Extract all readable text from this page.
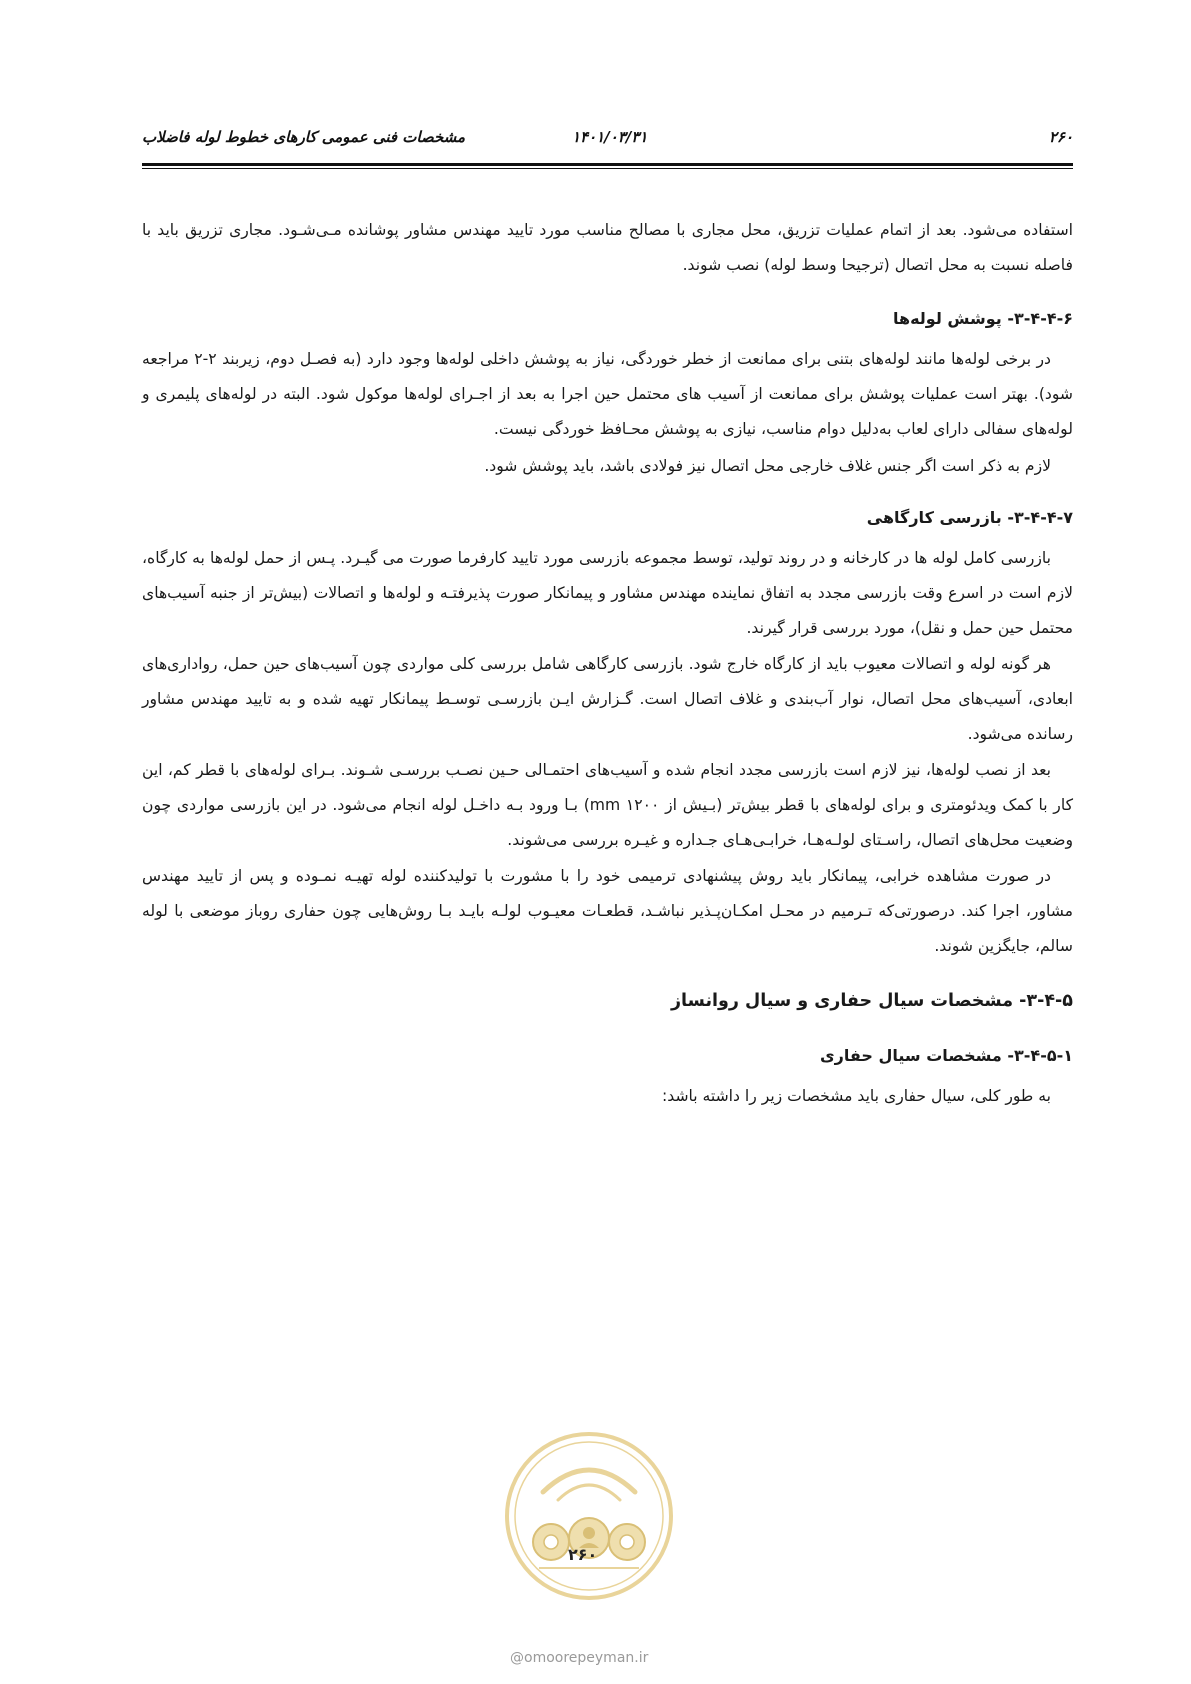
۲۶۰
۱۴۰۱/۰۳/۳۱
مشخصات فنی عمومی کارهای خطوط لوله فاضلاب

استفاده می‌شود. بعد از اتمام عملیات تزریق، محل مجاری با مصالح مناسب مورد تایید مهندس مشاور پوشانده مـی‌شـود. مجاری تزریق باید با فاصله نسبت به محل اتصال (ترجیحا وسط لوله) نصب شوند.

۳-۴-۴-۶- پوشش لوله‌ها

در برخی لوله‌ها مانند لوله‌های بتنی برای ممانعت از خطر خوردگی، نیاز به پوشش داخلی لوله‌ها وجود دارد (به فصـل دوم، زیربند ۲-۲ مراجعه شود). بهتر است عملیات پوشش برای ممانعت از آسیب های محتمل حین اجرا به بعد از اجـرای لوله‌ها موکول شود. البته در لوله‌های پلیمری و لوله‌های سفالی دارای لعاب به‌دلیل دوام مناسب، نیازی به پوشش محـافظ خوردگی نیست.

لازم به ذکر است اگر جنس غلاف خارجی محل اتصال نیز فولادی باشد، باید پوشش شود.

۳-۴-۴-۷- بازرسی کارگاهی

بازرسی کامل لوله ها در کارخانه و در روند تولید، توسط مجموعه بازرسی مورد تایید کارفرما صورت می گیـرد. پـس از حمل لوله‌ها به کارگاه، لازم است در اسرع وقت بازرسی مجدد به اتفاق نماینده مهندس مشاور و پیمانکار صورت پذیرفتـه و لوله‌ها و اتصالات (بیش‌تر از جنبه آسیب‌های محتمل حین حمل و نقل)، مورد بررسی قرار گیرند.

هر گونه لوله و اتصالات معیوب باید از کارگاه خارج شود. بازرسی کارگاهی شامل بررسی کلی مواردی چون آسیب‌های حین حمل، رواداری‌های ابعادی، آسیب‌های محل اتصال، نوار آب‌بندی و غلاف اتصال است. گـزارش ایـن بازرسـی توسـط پیمانکار تهیه شده و به تایید مهندس مشاور رسانده می‌شود.

بعد از نصب لوله‌ها، نیز لازم است بازرسی مجدد انجام شده و آسیب‌های احتمـالی حـین نصـب بررسـی شـوند. بـرای لوله‌های با قطر کم، این کار با کمک ویدئومتری و برای لوله‌های با قطر بیش‌تر (بـیش از ۱۲۰۰ mm) بـا ورود بـه داخـل لوله انجام می‌شود. در این بازرسی مواردی چون وضعیت محل‌های اتصال، راسـتای لولـه‌هـا، خرابـی‌هـای جـداره و غیـره بررسی می‌شوند.

در صورت مشاهده خرابی، پیمانکار باید روش پیشنهادی ترمیمی خود را با مشورت با تولیدکننده لوله تهیـه نمـوده و پس از تایید مهندس مشاور، اجرا کند. درصورتی‌که تـرمیم در محـل امکـان‌پـذیر نباشـد، قطعـات معیـوب لولـه بایـد بـا روش‌هایی چون حفاری روباز موضعی با لوله سالم، جایگزین شوند.

۳-۴-۵- مشخصات سیال حفاری و سیال روانساز
۳-۴-۵-۱- مشخصات سیال حفاری

به طور کلی، سیال حفاری باید مشخصات زیر را داشته باشد:

۲۶۰
@omoorepeyman.ir
